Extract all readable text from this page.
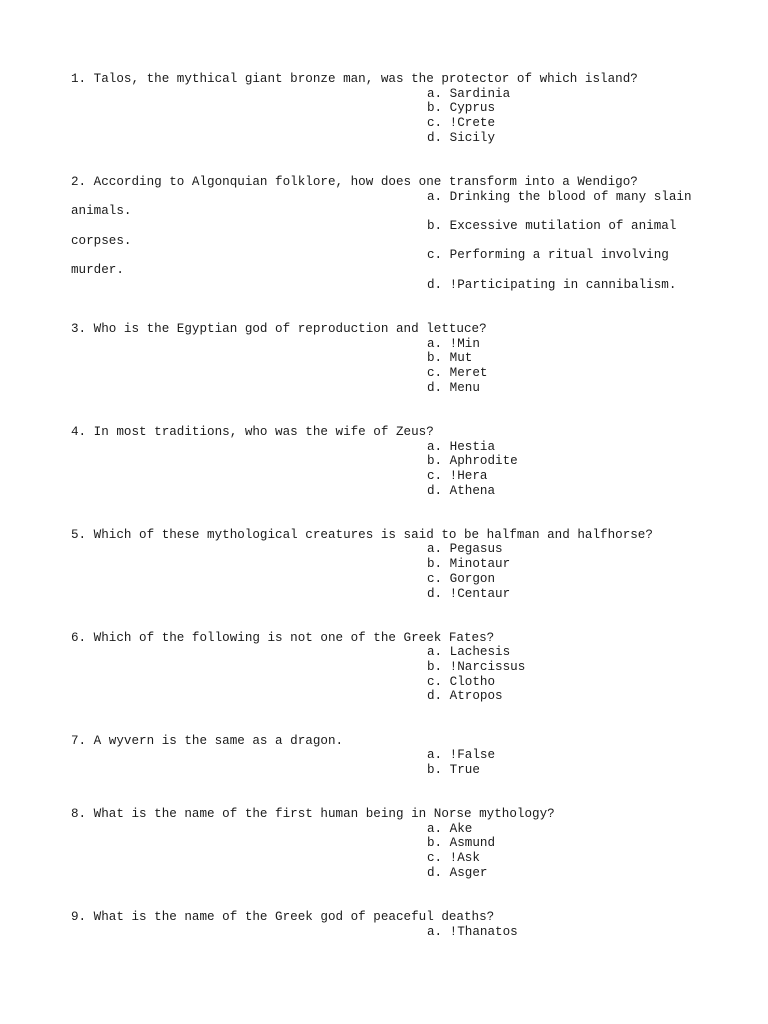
1. Talos, the mythical giant bronze man, was the protector of which island?
a. Sardinia
b. Cyprus
c. !Crete
d. Sicily
2. According to Algonquian folklore, how does one transform into a Wendigo?
a. Drinking the blood of many slain
animals.
b. Excessive mutilation of animal
corpses.
c. Performing a ritual involving
murder.
d. !Participating in cannibalism.
3. Who is the Egyptian god of reproduction and lettuce?
a. !Min
b. Mut
c. Meret
d. Menu
4. In most traditions, who was the wife of Zeus?
a. Hestia
b. Aphrodite
c. !Hera
d. Athena
5. Which of these mythological creatures is said to be halfman and halfhorse?
a. Pegasus
b. Minotaur
c. Gorgon
d. !Centaur
6. Which of the following is not one of the Greek Fates?
a. Lachesis
b. !Narcissus
c. Clotho
d. Atropos
7. A wyvern is the same as a dragon.
a. !False
b. True
8. What is the name of the first human being in Norse mythology?
a. Ake
b. Asmund
c. !Ask
d. Asger
9. What is the name of the Greek god of peaceful deaths?
a. !Thanatos
